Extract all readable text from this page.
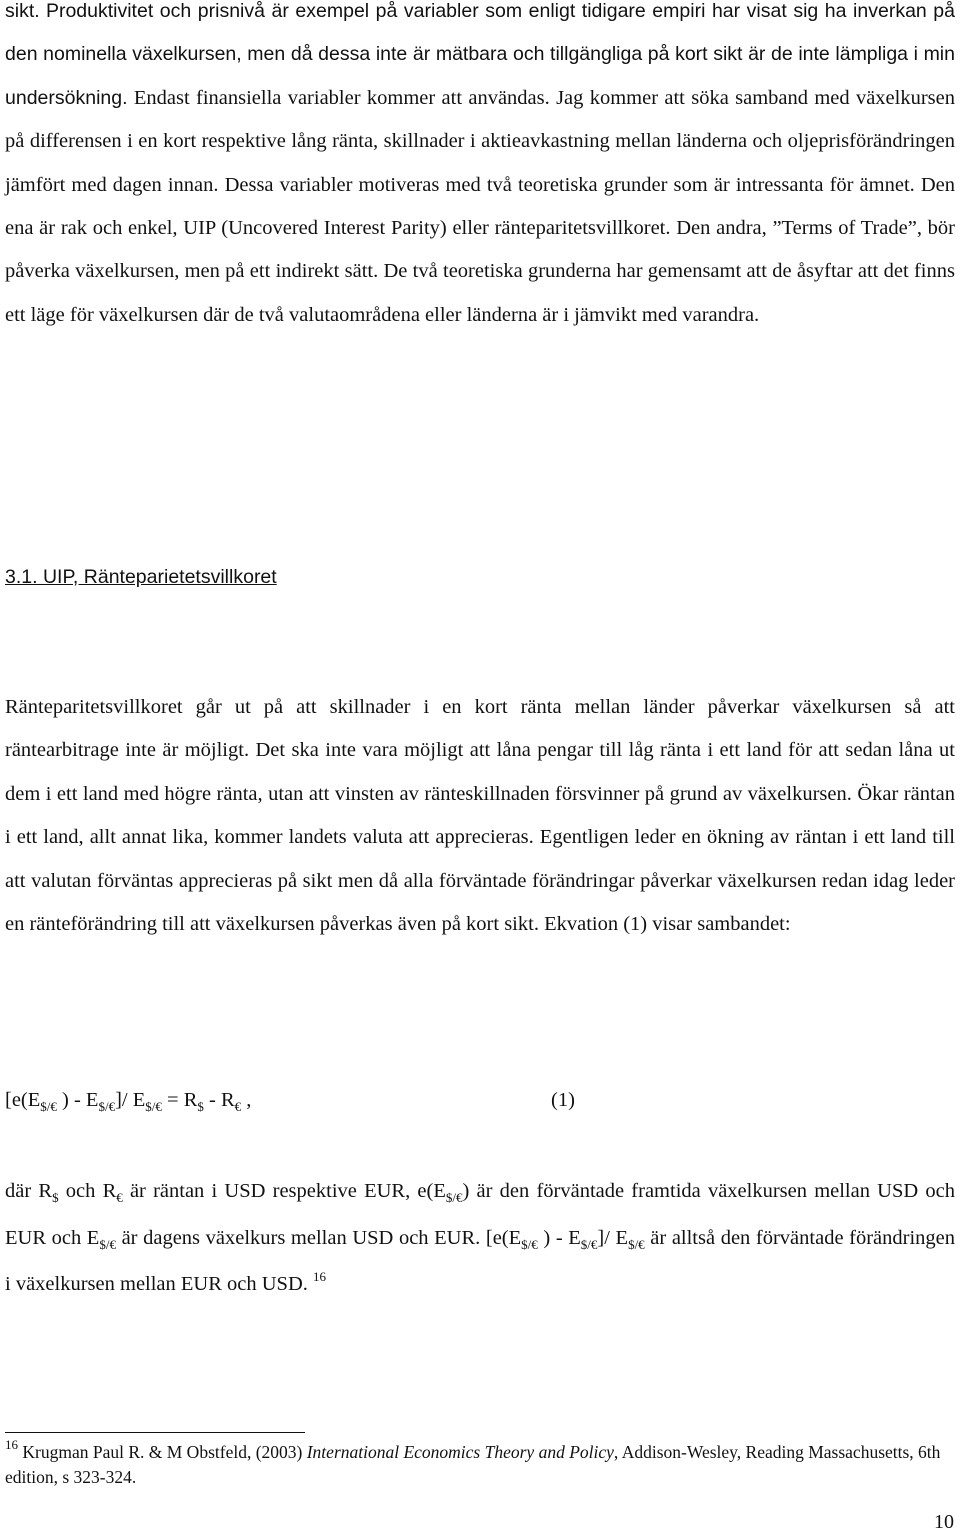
sikt. Produktivitet och prisnivå är exempel på variabler som enligt tidigare empiri har visat sig ha inverkan på den nominella växelkursen, men då dessa inte är mätbara och tillgängliga på kort sikt är de inte lämpliga i min undersökning. Endast finansiella variabler kommer att användas. Jag kommer att söka samband med växelkursen på differensen i en kort respektive lång ränta, skillnader i aktieavkastning mellan länderna och oljeprisförändringen jämfört med dagen innan. Dessa variabler motiveras med två teoretiska grunder som är intressanta för ämnet. Den ena är rak och enkel, UIP (Uncovered Interest Parity) eller ränteparitetsvillkoret. Den andra, ”Terms of Trade”, bör påverka växelkursen, men på ett indirekt sätt. De två teoretiska grunderna har gemensamt att de åsyftar att det finns ett läge för växelkursen där de två valutaområdena eller länderna är i jämvikt med varandra.

3.1. UIP, Ränteparietetsvillkoret

Ränteparitetsvillkoret går ut på att skillnader i en kort ränta mellan länder påverkar växelkursen så att räntearbitrage inte är möjligt. Det ska inte vara möjligt att låna pengar till låg ränta i ett land för att sedan låna ut dem i ett land med högre ränta, utan att vinsten av ränteskillnaden försvinner på grund av växelkursen. Ökar räntan i ett land, allt annat lika, kommer landets valuta att apprecieras. Egentligen leder en ökning av räntan i ett land till att valutan förväntas apprecieras på sikt men då alla förväntade förändringar påverkar växelkursen redan idag leder en ränteförändring till att växelkursen påverkas även på kort sikt. Ekvation (1) visar sambandet:

[$e(E_{\$/€}$ ) - $E_{\$/€}]/$ $E_{\$/€} = R_{\$} - R_€$ ,	(1)

där $R_{\$}$ och $R_€$ är räntan i USD respektive EUR, $e(E_{\$/€})$ är den förväntade framtida växelkursen mellan USD och EUR och $E_{\$/€}$ är dagens växelkurs mellan USD och EUR. [$e(E_{\$/€}$ ) - $E_{\$/€}]/$ $E_{\$/€}$ är alltså den förväntade förändringen i växelkursen mellan EUR och USD. $^{16}$

$^{16}$ Krugman Paul R. & M Obstfeld, (2003) International Economics Theory and Policy, Addison-Wesley, Reading Massachusetts, 6th edition, s 323-324.

10
